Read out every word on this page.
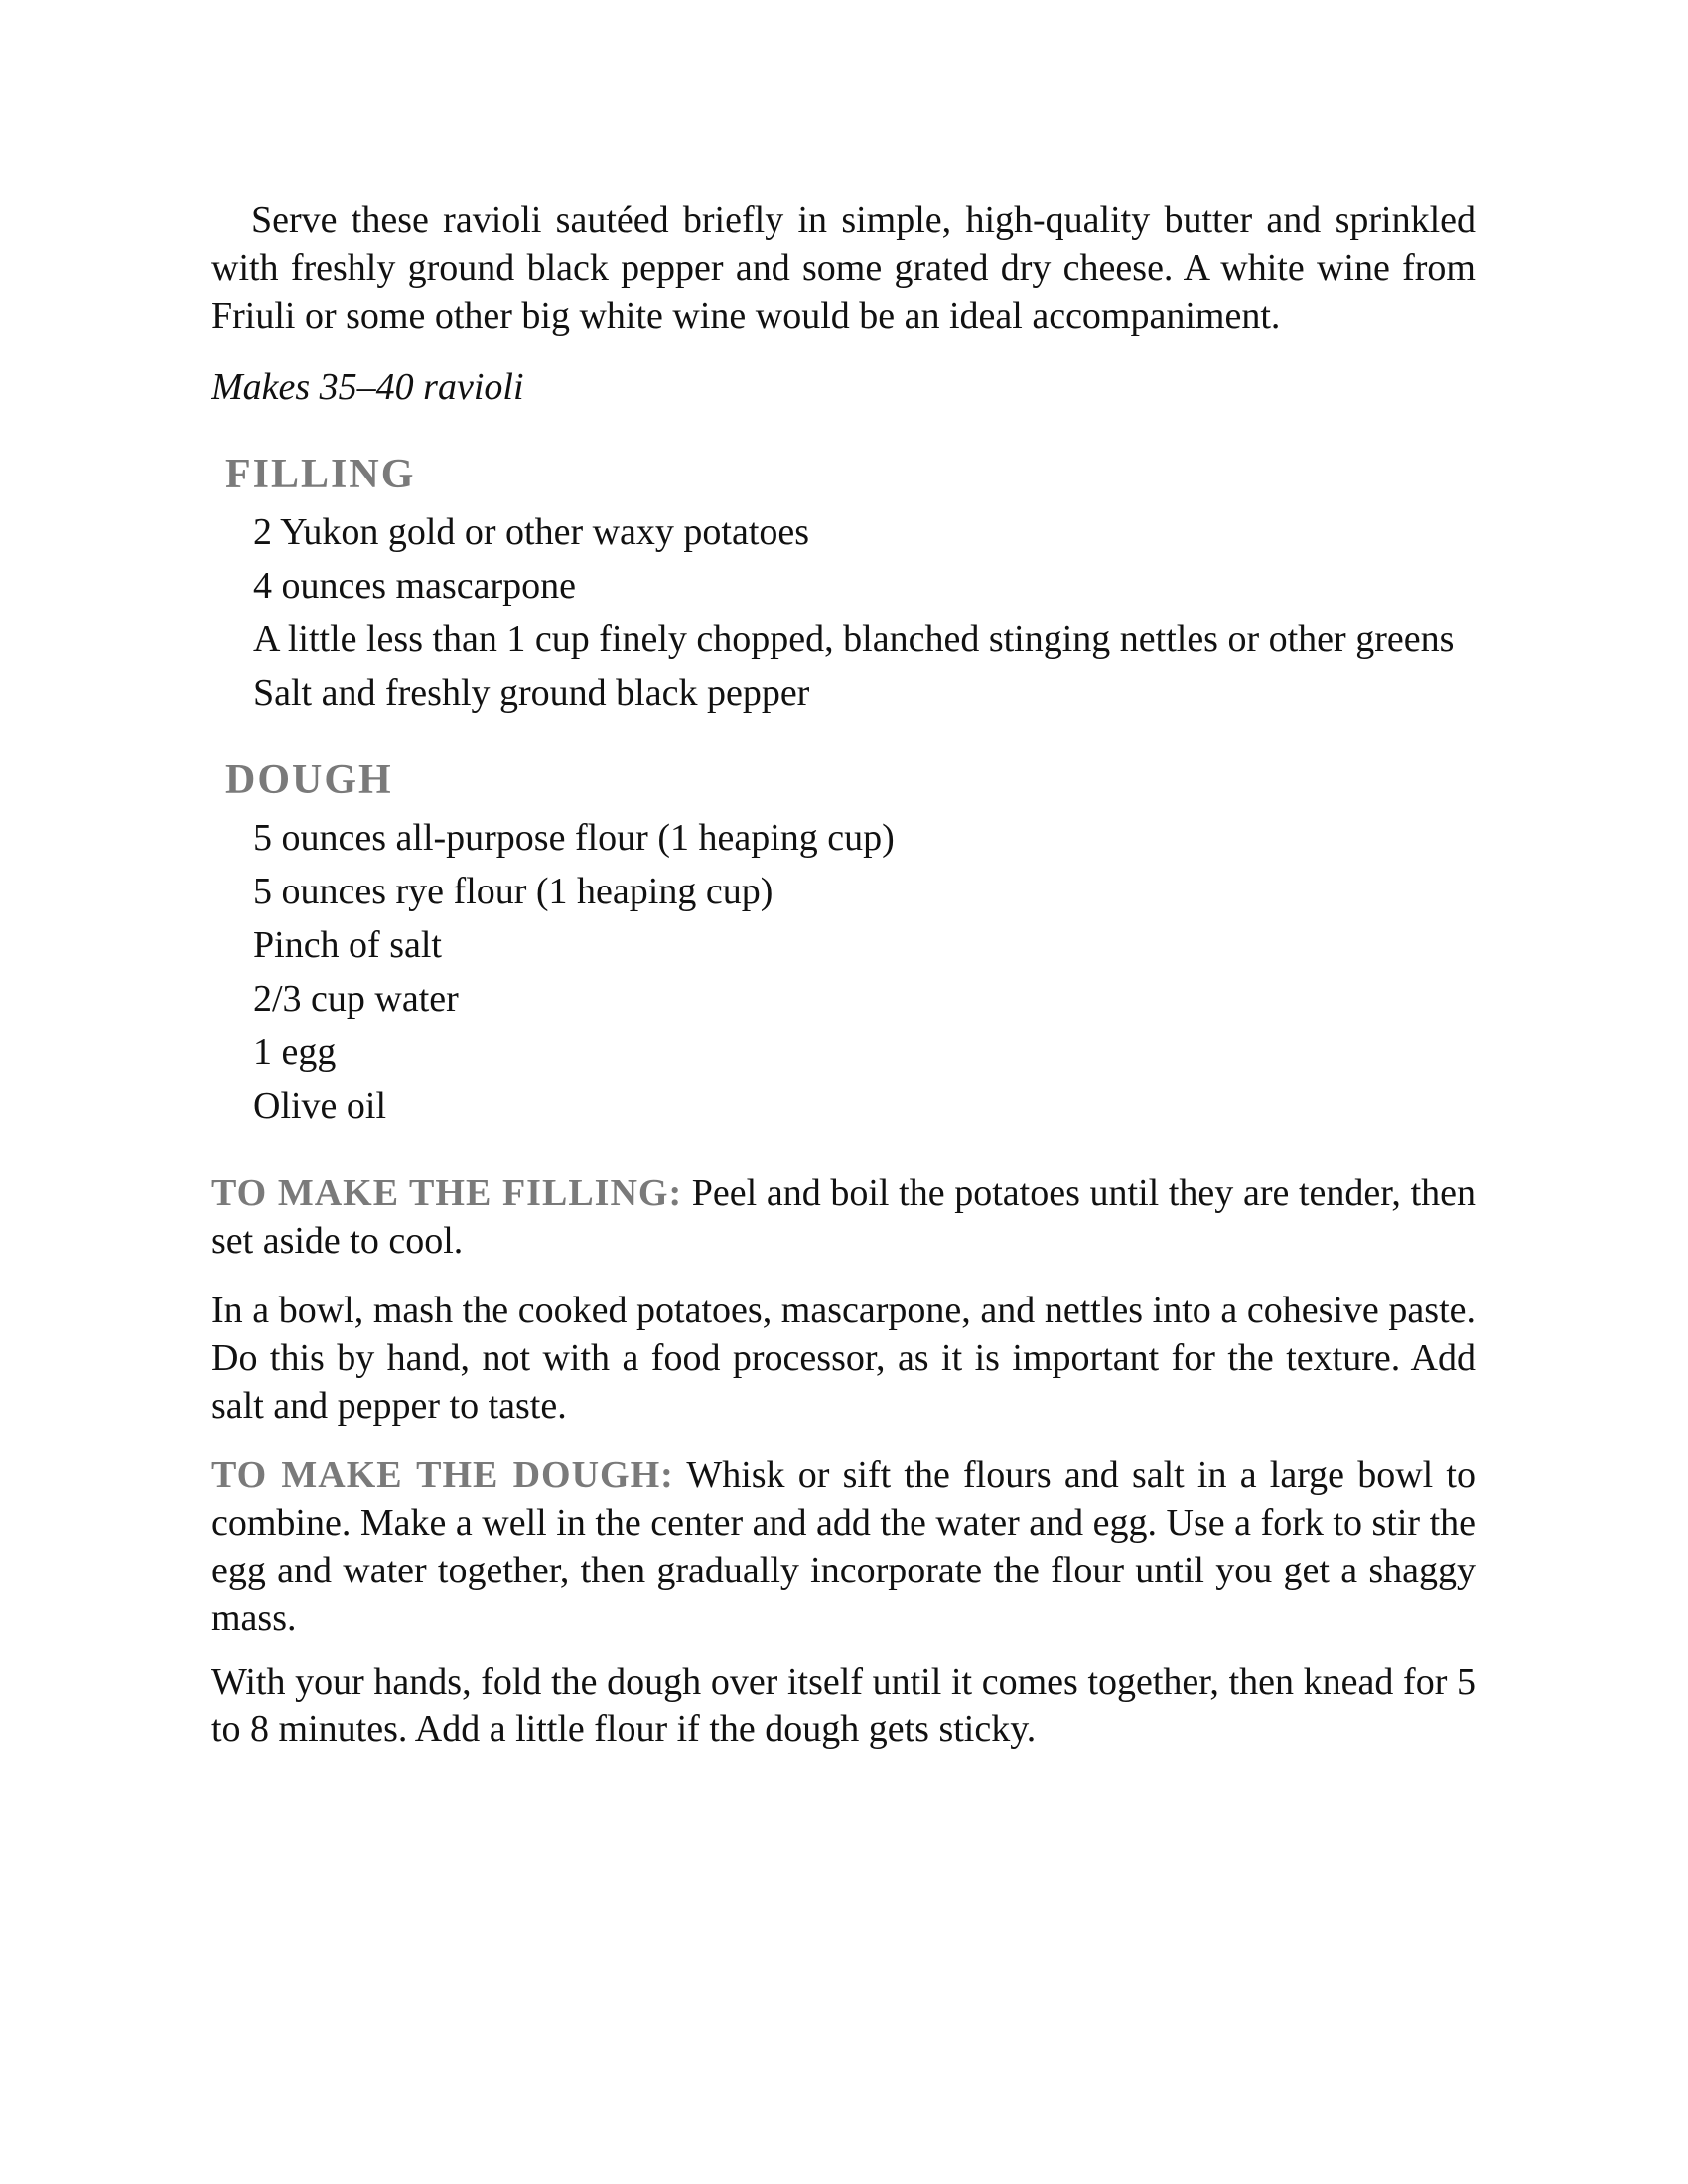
Serve these ravioli sautéed briefly in simple, high-quality butter and sprinkled with freshly ground black pepper and some grated dry cheese. A white wine from Friuli or some other big white wine would be an ideal accompaniment.

Makes 35–40 ravioli

FILLING
2 Yukon gold or other waxy potatoes
4 ounces mascarpone
A little less than 1 cup finely chopped, blanched stinging nettles or other greens
Salt and freshly ground black pepper
DOUGH
5 ounces all-purpose flour (1 heaping cup)
5 ounces rye flour (1 heaping cup)
Pinch of salt
2/3 cup water
1 egg
Olive oil

TO MAKE THE FILLING: Peel and boil the potatoes until they are tender, then set aside to cool.

In a bowl, mash the cooked potatoes, mascarpone, and nettles into a cohesive paste. Do this by hand, not with a food processor, as it is important for the texture. Add salt and pepper to taste.

TO MAKE THE DOUGH: Whisk or sift the flours and salt in a large bowl to combine. Make a well in the center and add the water and egg. Use a fork to stir the egg and water together, then gradually incorporate the flour until you get a shaggy mass.

With your hands, fold the dough over itself until it comes together, then knead for 5 to 8 minutes. Add a little flour if the dough gets sticky.
